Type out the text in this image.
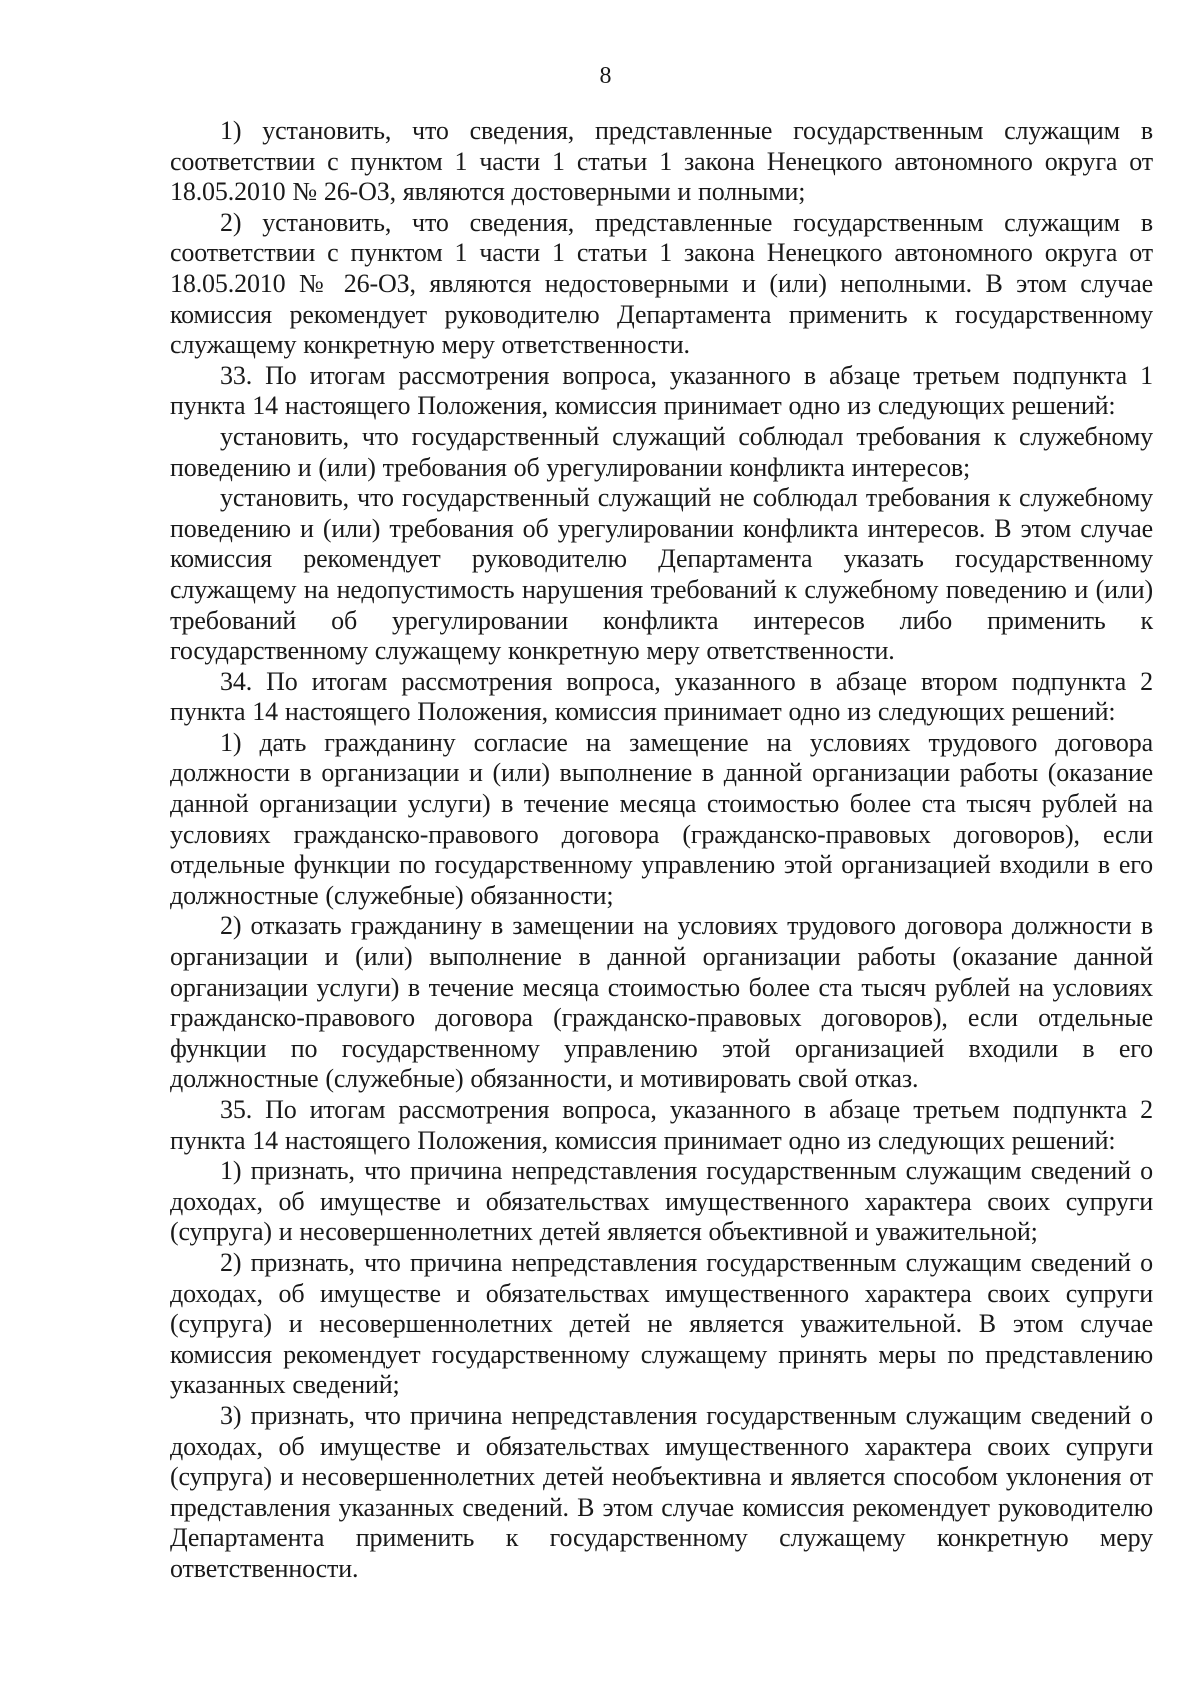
8

1) установить, что сведения, представленные государственным служащим в соответствии с пунктом 1 части 1 статьи 1 закона Ненецкого автономного округа от 18.05.2010 № 26-ОЗ, являются достоверными и полными;

2) установить, что сведения, представленные государственным служащим в соответствии с пунктом 1 части 1 статьи 1 закона Ненецкого автономного округа от 18.05.2010 № 26-ОЗ, являются недостоверными и (или) неполными. В этом случае комиссия рекомендует руководителю Департамента применить к государственному служащему конкретную меру ответственности.

33. По итогам рассмотрения вопроса, указанного в абзаце третьем подпункта 1 пункта 14 настоящего Положения, комиссия принимает одно из следующих решений:

установить, что государственный служащий соблюдал требования к служебному поведению и (или) требования об урегулировании конфликта интересов;

установить, что государственный служащий не соблюдал требования к служебному поведению и (или) требования об урегулировании конфликта интересов. В этом случае комиссия рекомендует руководителю Департамента указать государственному служащему на недопустимость нарушения требований к служебному поведению и (или) требований об урегулировании конфликта интересов либо применить к государственному служащему конкретную меру ответственности.

34. По итогам рассмотрения вопроса, указанного в абзаце втором подпункта 2 пункта 14 настоящего Положения, комиссия принимает одно из следующих решений:

1) дать гражданину согласие на замещение на условиях трудового договора должности в организации и (или) выполнение в данной организации работы (оказание данной организации услуги) в течение месяца стоимостью более ста тысяч рублей на условиях гражданско-правового договора (гражданско-правовых договоров), если отдельные функции по государственному управлению этой организацией входили в его должностные (служебные) обязанности;

2) отказать гражданину в замещении на условиях трудового договора должности в организации и (или) выполнение в данной организации работы (оказание данной организации услуги) в течение месяца стоимостью более ста тысяч рублей на условиях гражданско-правового договора (гражданско-правовых договоров), если отдельные функции по государственному управлению этой организацией входили в его должностные (служебные) обязанности, и мотивировать свой отказ.

35. По итогам рассмотрения вопроса, указанного в абзаце третьем подпункта 2 пункта 14 настоящего Положения, комиссия принимает одно из следующих решений:

1) признать, что причина непредставления государственным служащим сведений о доходах, об имуществе и обязательствах имущественного характера своих супруги (супруга) и несовершеннолетних детей является объективной и уважительной;

2) признать, что причина непредставления государственным служащим сведений о доходах, об имуществе и обязательствах имущественного характера своих супруги (супруга) и несовершеннолетних детей не является уважительной. В этом случае комиссия рекомендует государственному служащему принять меры по представлению указанных сведений;

3) признать, что причина непредставления государственным служащим сведений о доходах, об имуществе и обязательствах имущественного характера своих супруги (супруга) и несовершеннолетних детей необъективна и является способом уклонения от представления указанных сведений. В этом случае комиссия рекомендует руководителю Департамента применить к государственному служащему конкретную меру ответственности.
